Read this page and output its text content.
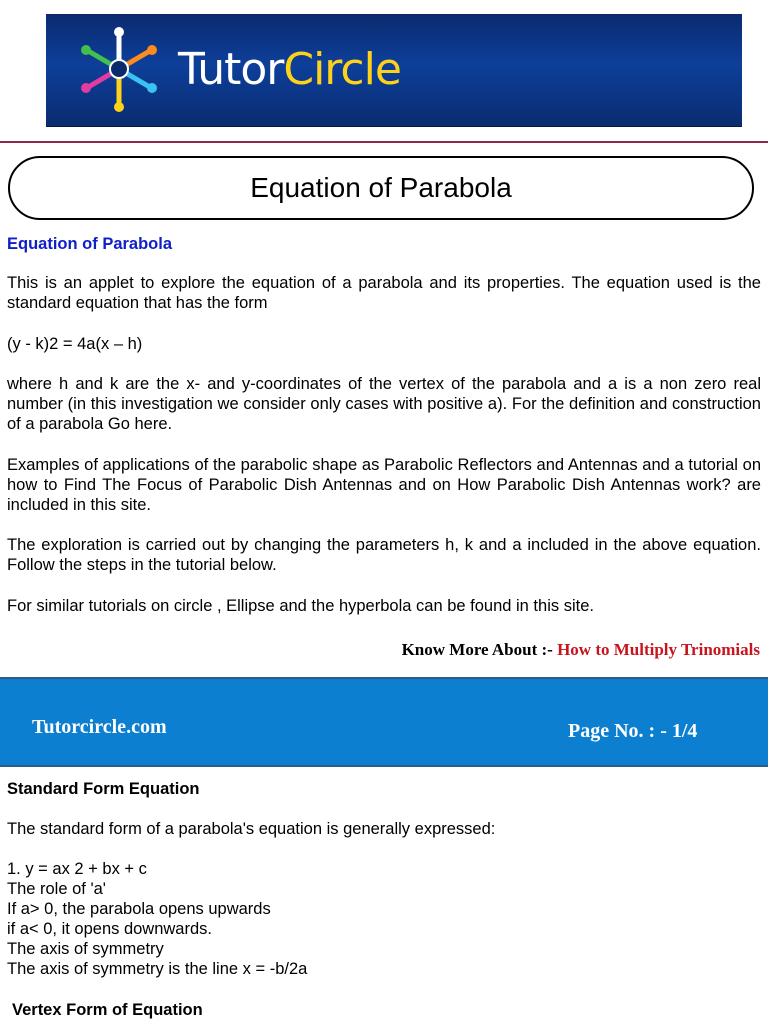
TutorCircle
Equation of Parabola
Equation of Parabola
This is an applet to explore the equation of a parabola and its properties. The equation used is the standard equation that has the form
(y - k)2 = 4a(x – h)
where h and k are the x- and y-coordinates of the vertex of the parabola and a is a non zero real number (in this investigation we consider only cases with positive a). For the definition and construction of a parabola Go here.
Examples of applications of the parabolic shape as Parabolic Reflectors and Antennas and a tutorial on how to Find The Focus of Parabolic Dish Antennas and on How Parabolic Dish Antennas work? are included in this site.
The exploration is carried out by changing the parameters h, k and a included in the above equation. Follow the steps in the tutorial below.
For similar tutorials on circle , Ellipse and the hyperbola can be found in this site.
Know More About :- How to Multiply Trinomials
Tutorcircle.com	Page No. : - 1/4
Standard Form Equation
The standard form of a parabola's equation is generally expressed:
1. y = ax 2 + bx + c
The role of 'a'
If a> 0, the parabola opens upwards
if a< 0, it opens downwards.
The axis of symmetry
The axis of symmetry is the line x = -b/2a
Vertex Form of Equation
